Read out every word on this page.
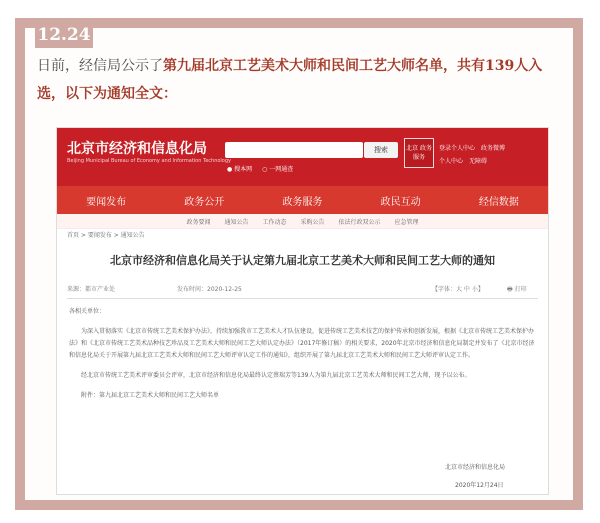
12.24
日前，经信局公示了第九届北京工艺美术大师和民间工艺大师名单，共有139人入选，以下为通知全文：
北京市经济和信息化局
Beijing Municipal Bureau of Economy and Information Technology
搜索
● 搜本网 ○ 一网通查
北京 政务 服务
登录个人中心 政务微博
个人中心 无障碍
要闻发布	政务公开	政务服务	政民互动	经信数据
政务要闻 通知公告 工作动态 采购公告 依法行政双公示 应急管理
首页 > 要闻发布 > 通知公告
北京市经济和信息化局关于认定第九届北京工艺美术大师和民间工艺大师的通知
来源：都市产业处	发布时间：2020-12-25	【字体：大 中 小】	🖶 打印

各相关单位：

为深入贯彻落实《北京市传统工艺美术保护办法》，持续加强我市工艺美术人才队伍建设，促进传统工艺美术技艺的保护传承和创新发展，根据《北京市传统工艺美术保护办法》和《北京市传统工艺美术品种技艺珍品及工艺美术大师和民间工艺大师认定办法》（2017年修订稿）的相关要求，2020年北京市经济和信息化局制定并发布了《北京市经济和信息化局关于开展第九届北京工艺美术大师和民间工艺大师评审认定工作的通知》，组织开展了第九届北京工艺美术大师和民间工艺大师评审认定工作。

经北京市传统工艺美术评审委员会评审，北京市经济和信息化局最终认定蔡瑞芳等139人为第九届北京工艺美术大师和民间工艺大师，现予以公布。

附件：第九届北京工艺美术大师和民间工艺大师名单

北京市经济和信息化局
2020年12月24日
